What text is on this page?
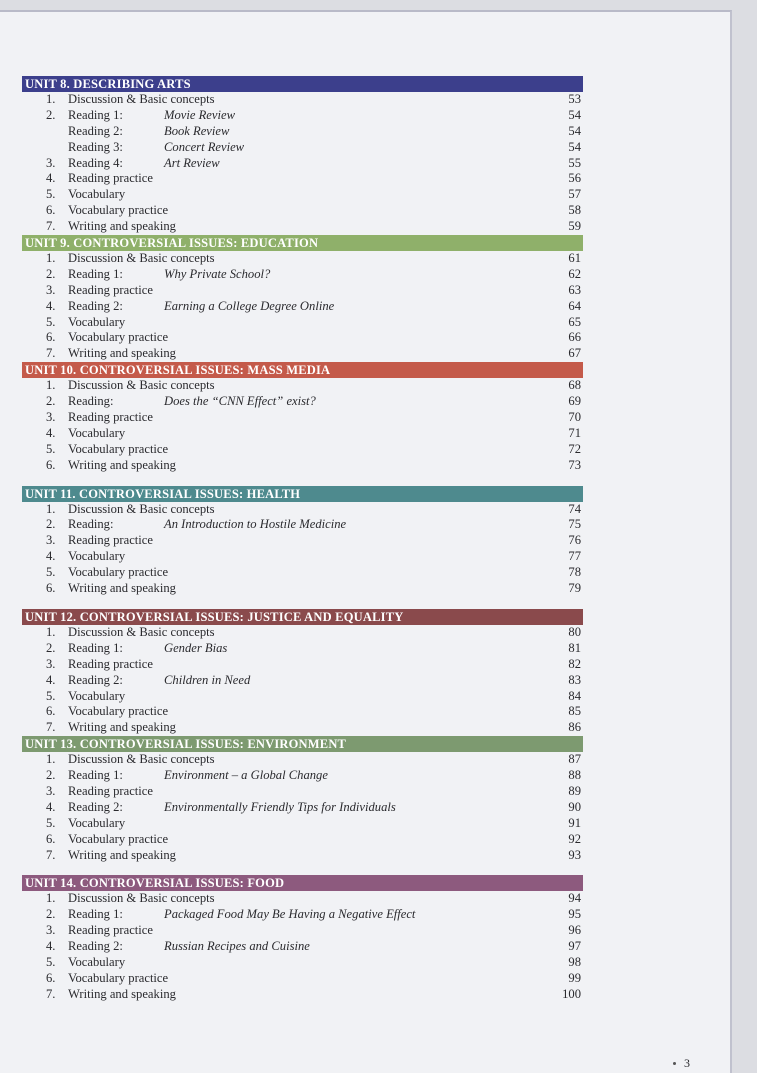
UNIT 8. DESCRIBING ARTS
1. Discussion & Basic concepts	53
2. Reading 1:	Movie Review	54
Reading 2:	Book Review	54
Reading 3:	Concert Review	54
3. Reading 4:	Art Review	55
4. Reading practice	56
5. Vocabulary	57
6. Vocabulary practice	58
7. Writing and speaking	59
UNIT 9. CONTROVERSIAL ISSUES: EDUCATION
1. Discussion & Basic concepts	61
2. Reading 1:	Why Private School?	62
3. Reading practice	63
4. Reading 2:	Earning a College Degree Online	64
5. Vocabulary	65
6. Vocabulary practice	66
7. Writing and speaking	67
UNIT 10. CONTROVERSIAL ISSUES: MASS MEDIA
1. Discussion & Basic concepts	68
2. Reading:	Does the “CNN Effect” exist?	69
3. Reading practice	70
4. Vocabulary	71
5. Vocabulary practice	72
6. Writing and speaking	73
UNIT 11. CONTROVERSIAL ISSUES: HEALTH
1. Discussion & Basic concepts	74
2. Reading:	An Introduction to Hostile Medicine	75
3. Reading practice	76
4. Vocabulary	77
5. Vocabulary practice	78
6. Writing and speaking	79
UNIT 12. CONTROVERSIAL ISSUES: JUSTICE AND EQUALITY
1. Discussion & Basic concepts	80
2. Reading 1:	Gender Bias	81
3. Reading practice	82
4. Reading 2:	Children in Need	83
5. Vocabulary	84
6. Vocabulary practice	85
7. Writing and speaking	86
UNIT 13. CONTROVERSIAL ISSUES: ENVIRONMENT
1. Discussion & Basic concepts	87
2. Reading 1:	Environment – a Global Change	88
3. Reading practice	89
4. Reading 2:	Environmentally Friendly Tips for Individuals	90
5. Vocabulary	91
6. Vocabulary practice	92
7. Writing and speaking	93
UNIT 14. CONTROVERSIAL ISSUES: FOOD
1. Discussion & Basic concepts	94
2. Reading 1:	Packaged Food May Be Having a Negative Effect	95
3. Reading practice	96
4. Reading 2:	Russian Recipes and Cuisine	97
5. Vocabulary	98
6. Vocabulary practice	99
7. Writing and speaking	100
3
